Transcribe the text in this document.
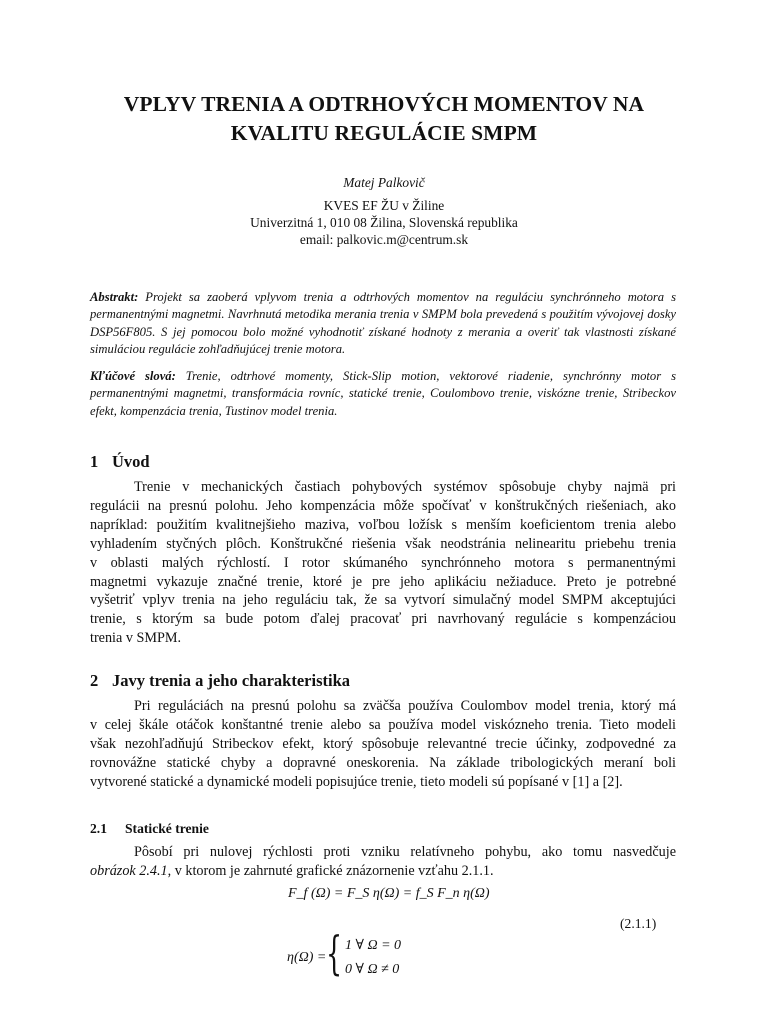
VPLYV TRENIA A ODTRHOVÝCH MOMENTOV NA
KVALITU REGULÁCIE SMPM
Matej Palkovič
KVES EF ŽU v Žiline
Univerzitná 1, 010 08 Žilina, Slovenská republika
email: palkovic.m@centrum.sk
Abstrakt: Projekt sa zaoberá vplyvom trenia a odtrhových momentov na reguláciu synchrónneho motora s permanentnými magnetmi. Navrhnutá metodika merania trenia v SMPM bola prevedená s použitím vývojovej dosky DSP56F805. S jej pomocou bolo možné vyhodnotiť získané hodnoty z merania a overiť tak vlastnosti získané simuláciou regulácie zohľadňujúcej trenie motora.
Kľúčové slová: Trenie, odtrhové momenty, Stick-Slip motion, vektorové riadenie, synchrónny motor s permanentnými magnetmi, transformácia rovníc, statické trenie, Coulombovo trenie, viskózne trenie, Stribeckov efekt, kompenzácia trenia, Tustinov model trenia.
1 Úvod
Trenie v mechanických častiach pohybových systémov spôsobuje chyby najmä pri
regulácii na presnú polohu. Jeho kompenzácia môže spočívať v konštrukčných riešeniach, ako
napríklad: použitím kvalitnejšieho maziva, voľbou ložísk s menším koeficientom trenia alebo
vyhladením styčných plôch. Konštrukčné riešenia však neodstránia nelinearitu priebehu trenia
v oblasti malých rýchlostí. I rotor skúmaného synchrónneho motora s permanentnými
magnetmi vykazuje značné trenie, ktoré je pre jeho aplikáciu nežiaduce. Preto je potrebné
vyšetriť vplyv trenia na jeho reguláciu tak, že sa vytvorí simulačný model SMPM akceptujúci
trenie, s ktorým sa bude potom ďalej pracovať pri navrhovaný regulácie s kompenzáciou
trenia v SMPM.
2 Javy trenia a jeho charakteristika
Pri reguláciách na presnú polohu sa zväčša používa Coulombov model trenia, ktorý má
v celej škále otáčok konštantné trenie alebo sa používa model viskózneho trenia. Tieto modeli
však nezohľadňujú Stribeckov efekt, ktorý spôsobuje relevantné trecie účinky, zodpovedné za
rovnovážne statické chyby a dopravné oneskorenia. Na základe tribologických meraní boli
vytvorené statické a dynamické modeli popisujúce trenie, tieto modeli sú popísané v [1] a [2].
2.1 Statické trenie
Pôsobí pri nulovej rýchlosti proti vzniku relatívneho pohybu, ako tomu nasvedčuje
obrázok 2.4.1, v ktorom je zahrnuté grafické znázornenie vzťahu 2.1.1.
F_f (Ω) = F_S η(Ω) = f_S F_n η(Ω)
(2.1.1)
η(Ω) = { 1 ∀ Ω = 0
0 ∀ Ω ≠ 0
